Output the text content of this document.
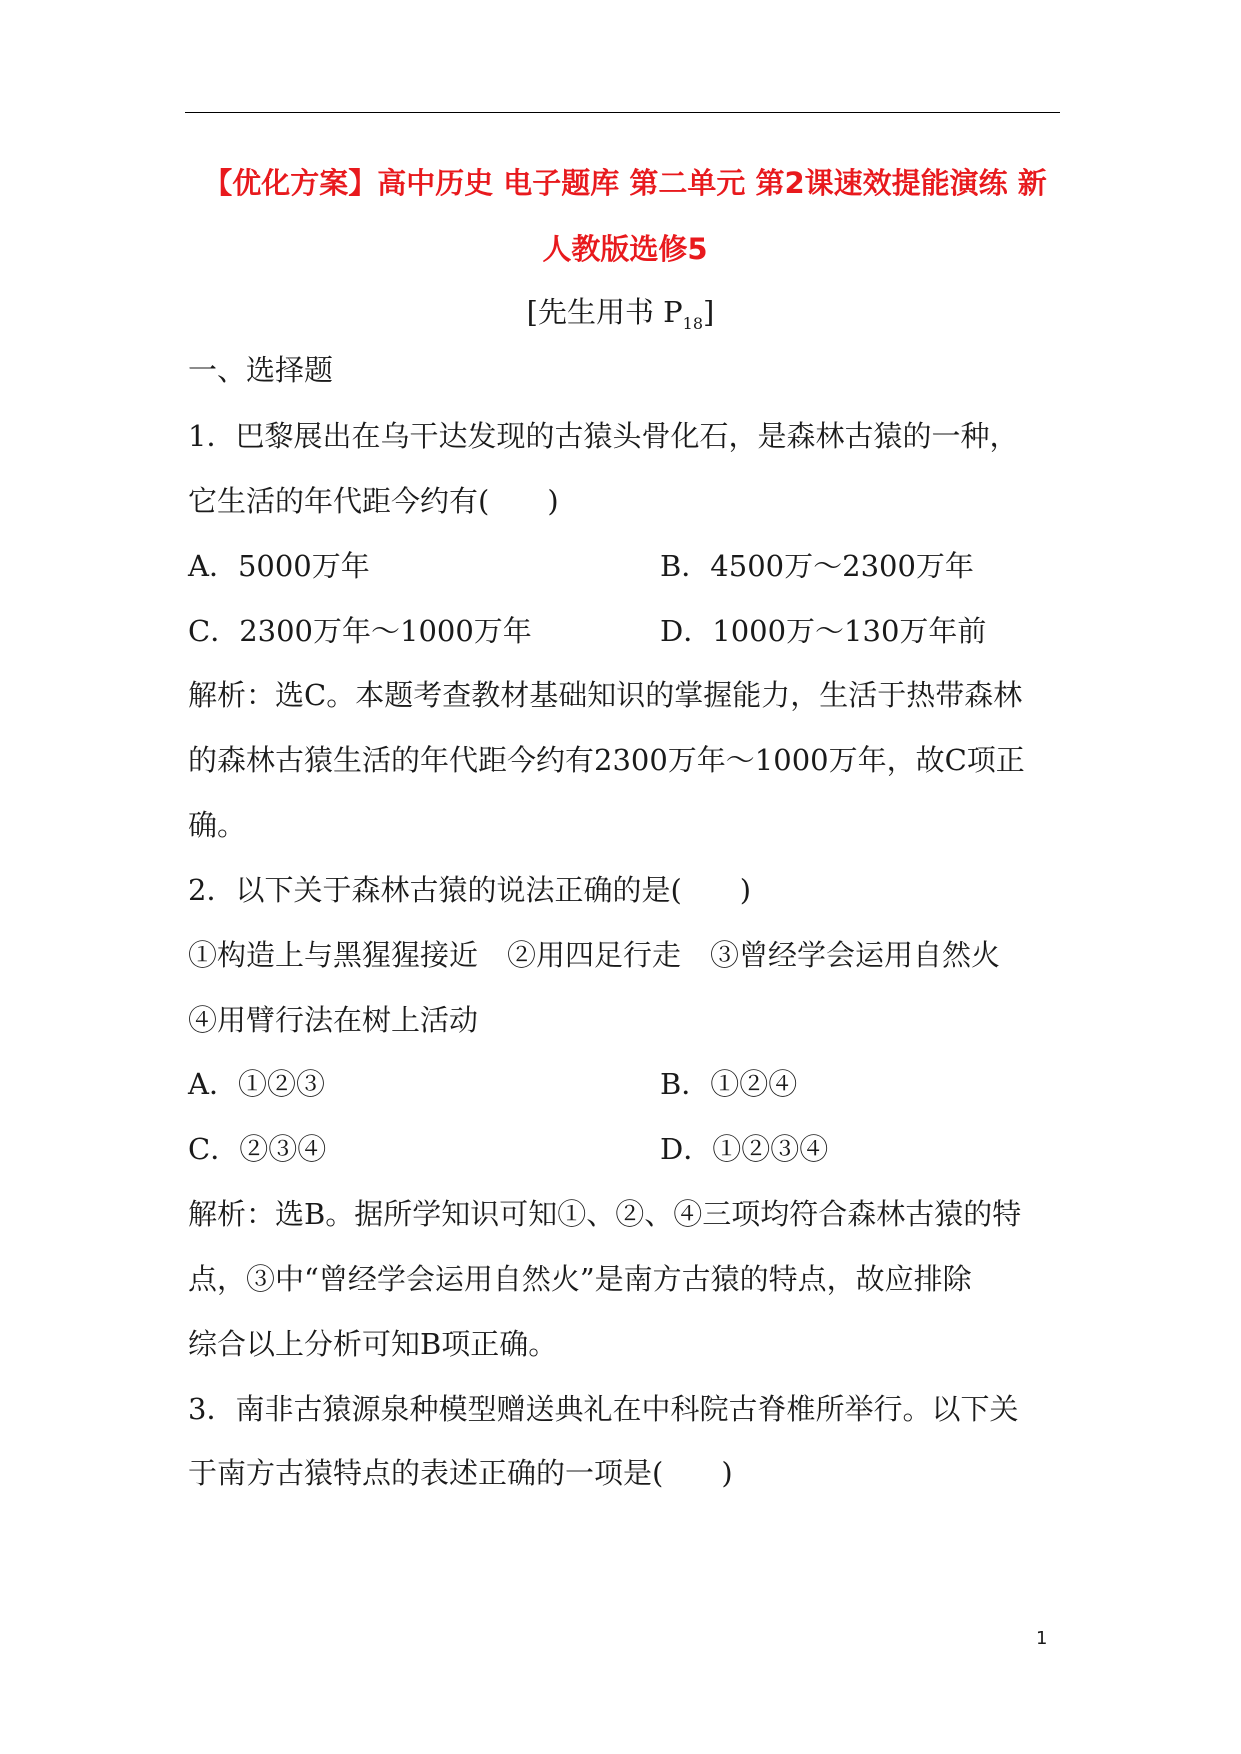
【优化方案】高中历史 电子题库 第二单元 第2课速效提能演练 新
人教版选修5
[先生用书 $P_{18}$]
一、选择题
1．巴黎展出在乌干达发现的古猿头骨化石，是森林古猿的一种，
它生活的年代距今约有(　　)
A．5000万年	B．4500万～2300万年
C．2300万年～1000万年	D．1000万～130万年前
解析：选C。本题考查教材基础知识的掌握能力，生活于热带森林
的森林古猿生活的年代距今约有2300万年～1000万年，故C项正
确。
2．以下关于森林古猿的说法正确的是(　　)
①构造上与黑猩猩接近　②用四足行走　③曾经学会运用自然火
④用臂行法在树上活动
A．①②③	B．①②④
C．②③④	D．①②③④
解析：选B。据所学知识可知①、②、④三项均符合森林古猿的特
点，③中“曾经学会运用自然火”是南方古猿的特点，故应排除
综合以上分析可知B项正确。
3．南非古猿源泉种模型赠送典礼在中科院古脊椎所举行。以下关
于南方古猿特点的表述正确的一项是(　　)
1
